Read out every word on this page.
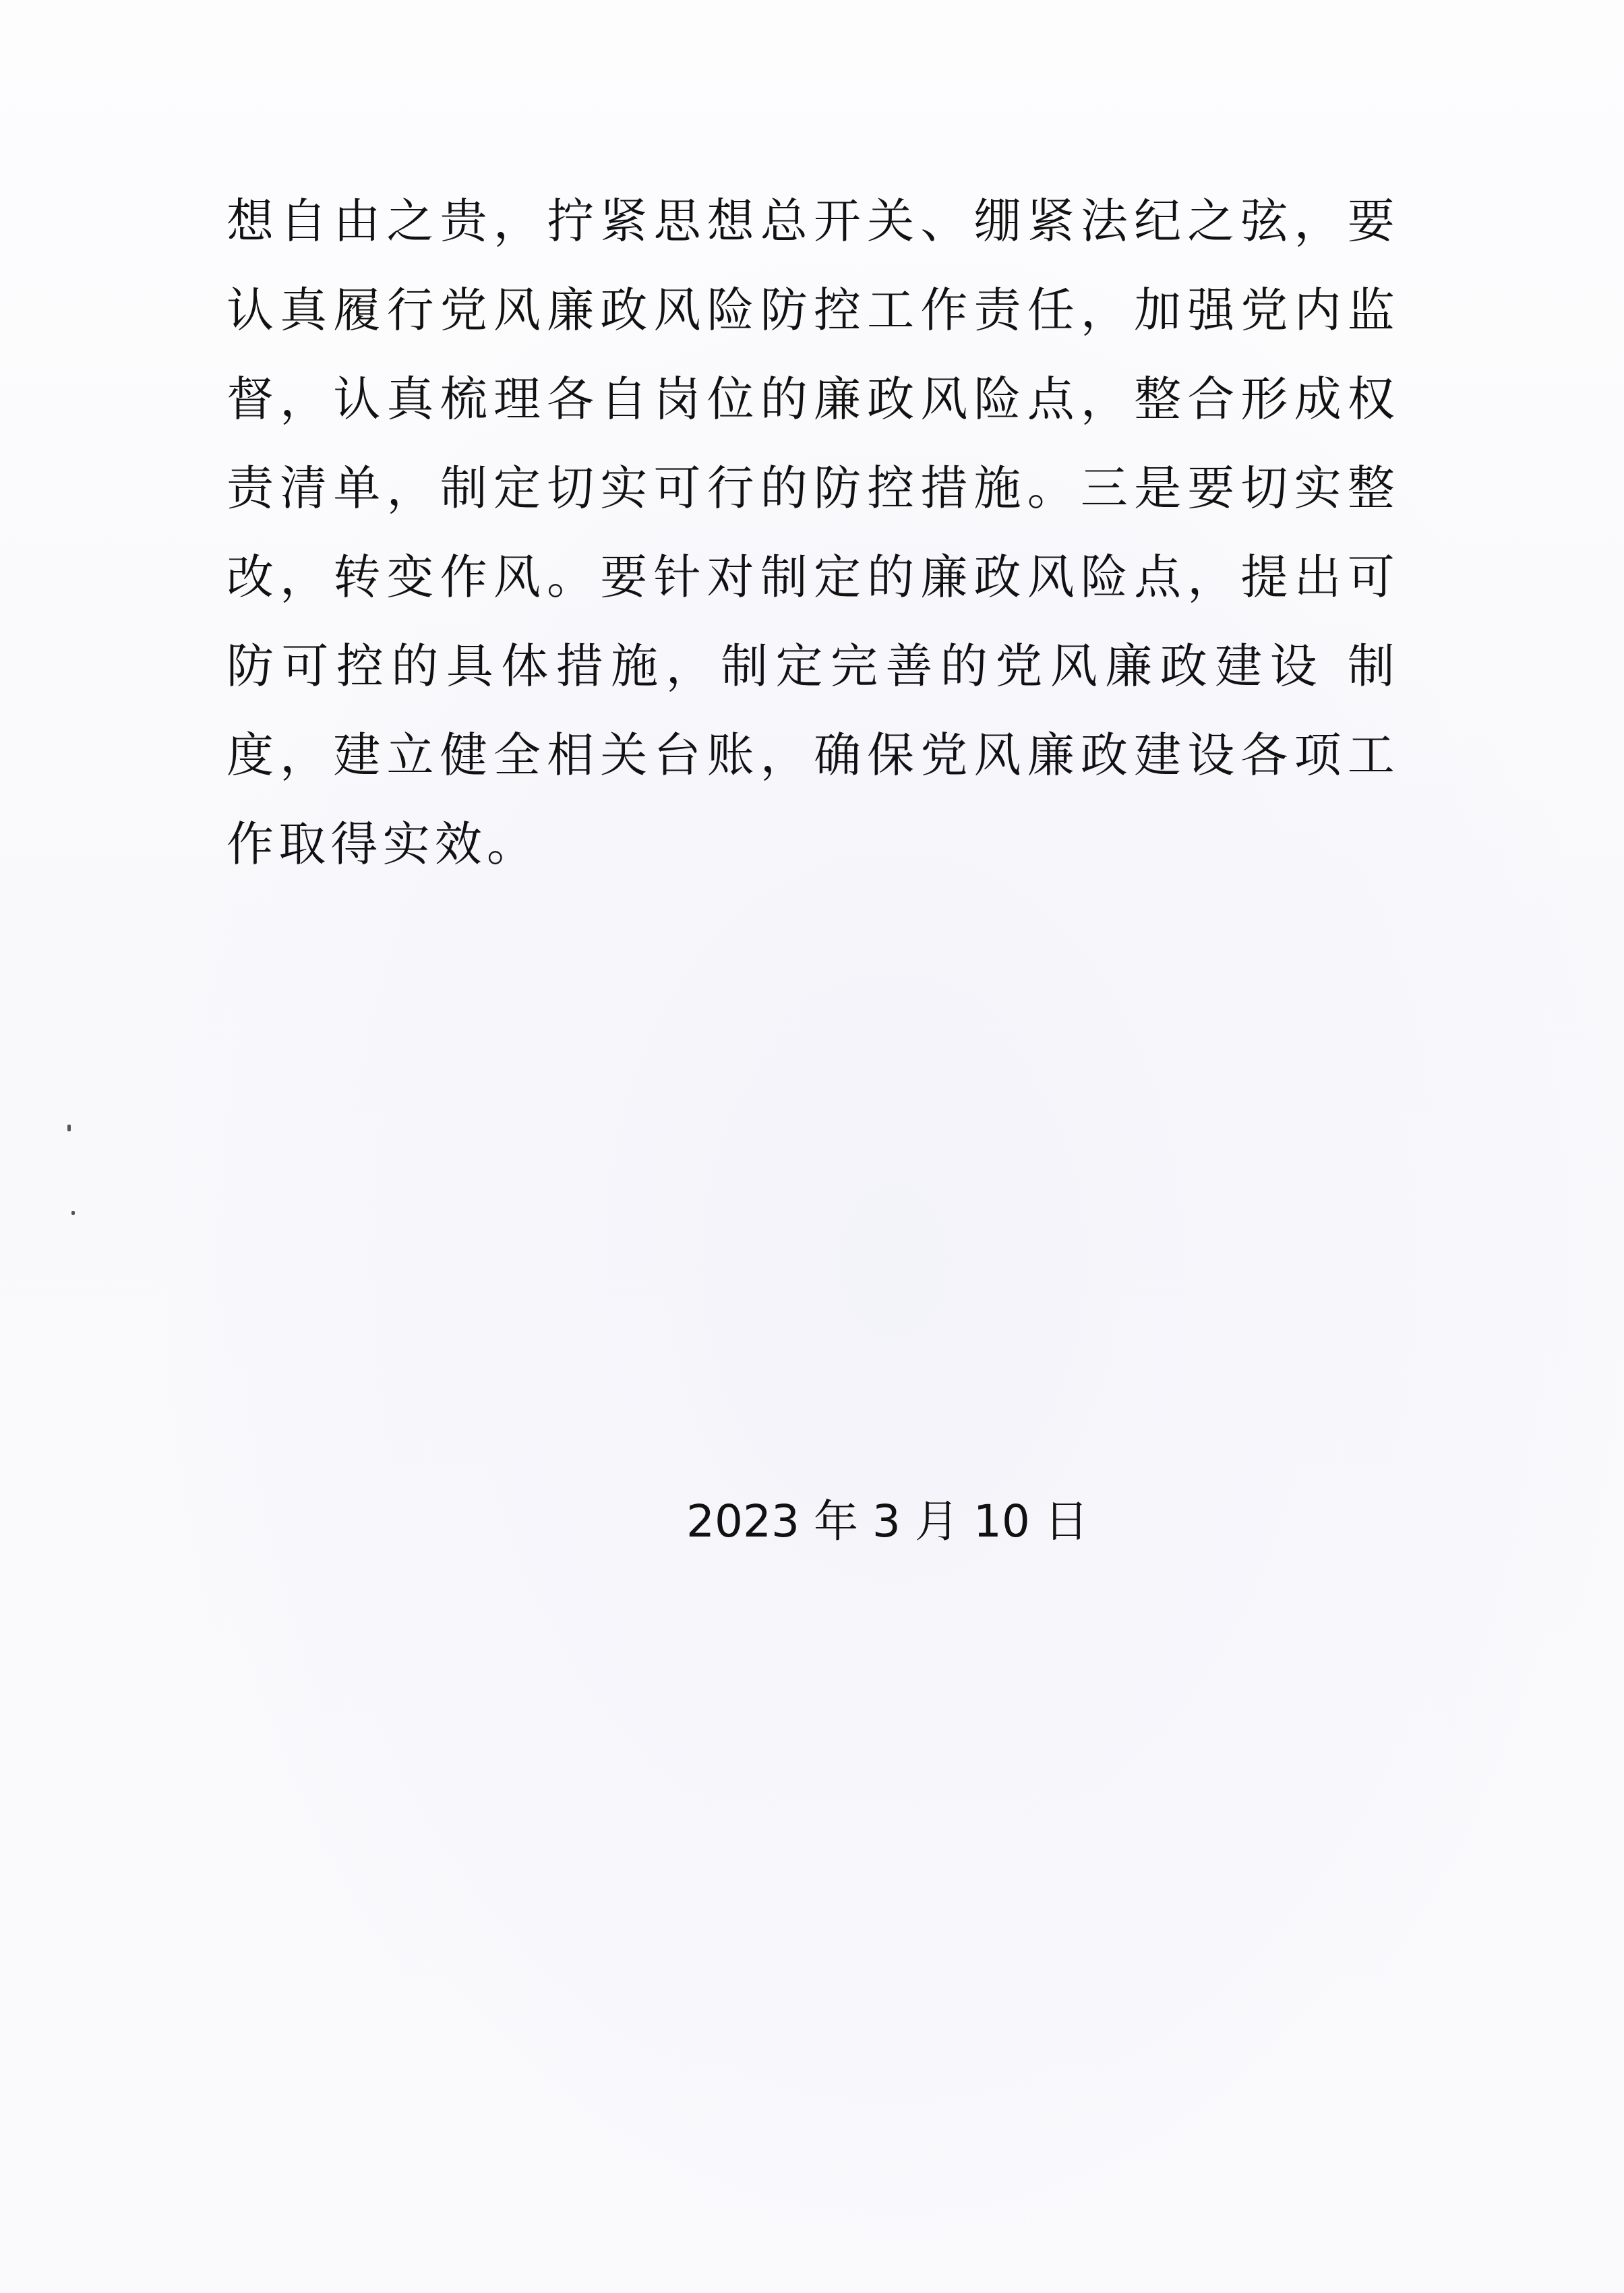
想自由之贵，拧紧思想总开关、绷紧法纪之弦，要认真履行党风廉政风险防控工作责任，加强党内监督，认真梳理各自岗位的廉政风险点，整合形成权责清单，制定切实可行的防控措施。三是要切实整改，转变作风。要针对制定的廉政风险点，提出可防可控的具体措施，制定完善的党风廉政建设 制度，建立健全相关台账，确保党风廉政建设各项工作取得实效。

2023 年 3 月 10 日
